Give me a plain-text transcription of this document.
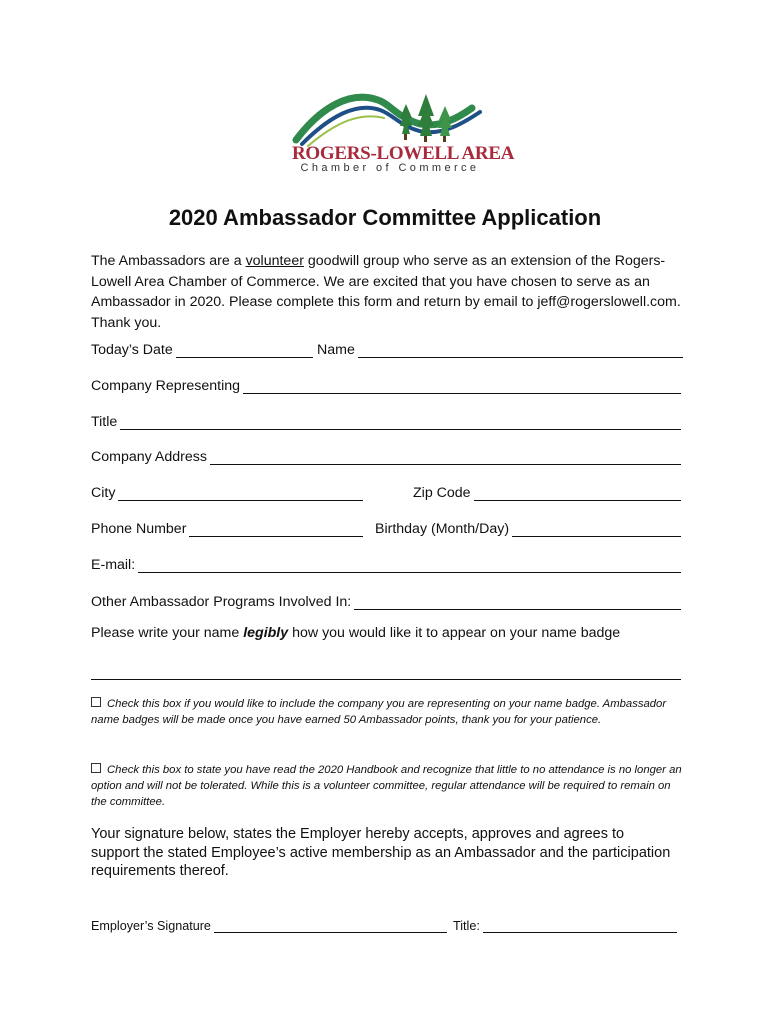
ROGERS-LOWELL AREA
Chamber of Commerce
2020 Ambassador Committee Application

The Ambassadors are a volunteer goodwill group who serve as an extension of the Rogers-Lowell Area Chamber of Commerce. We are excited that you have chosen to serve as an Ambassador in 2020. Please complete this form and return by email to jeff@rogerslowell.com. Thank you.

Today’s Date	Name
Company Representing
Title
Company Address
City	Zip Code
Phone Number	Birthday (Month/Day)
E-mail:
Other Ambassador Programs Involved In:
Please write your name legibly how you would like it to appear on your name badge
Check this box if you would like to include the company you are representing on your name badge. Ambassador name badges will be made once you have earned 50 Ambassador points, thank you for your patience.
Check this box to state you have read the 2020 Handbook and recognize that little to no attendance is no longer an option and will not be tolerated. While this is a volunteer committee, regular attendance will be required to remain on the committee.
Your signature below, states the Employer hereby accepts, approves and agrees to support the stated Employee’s active membership as an Ambassador and the participation requirements thereof.
Employer’s Signature	Title:
